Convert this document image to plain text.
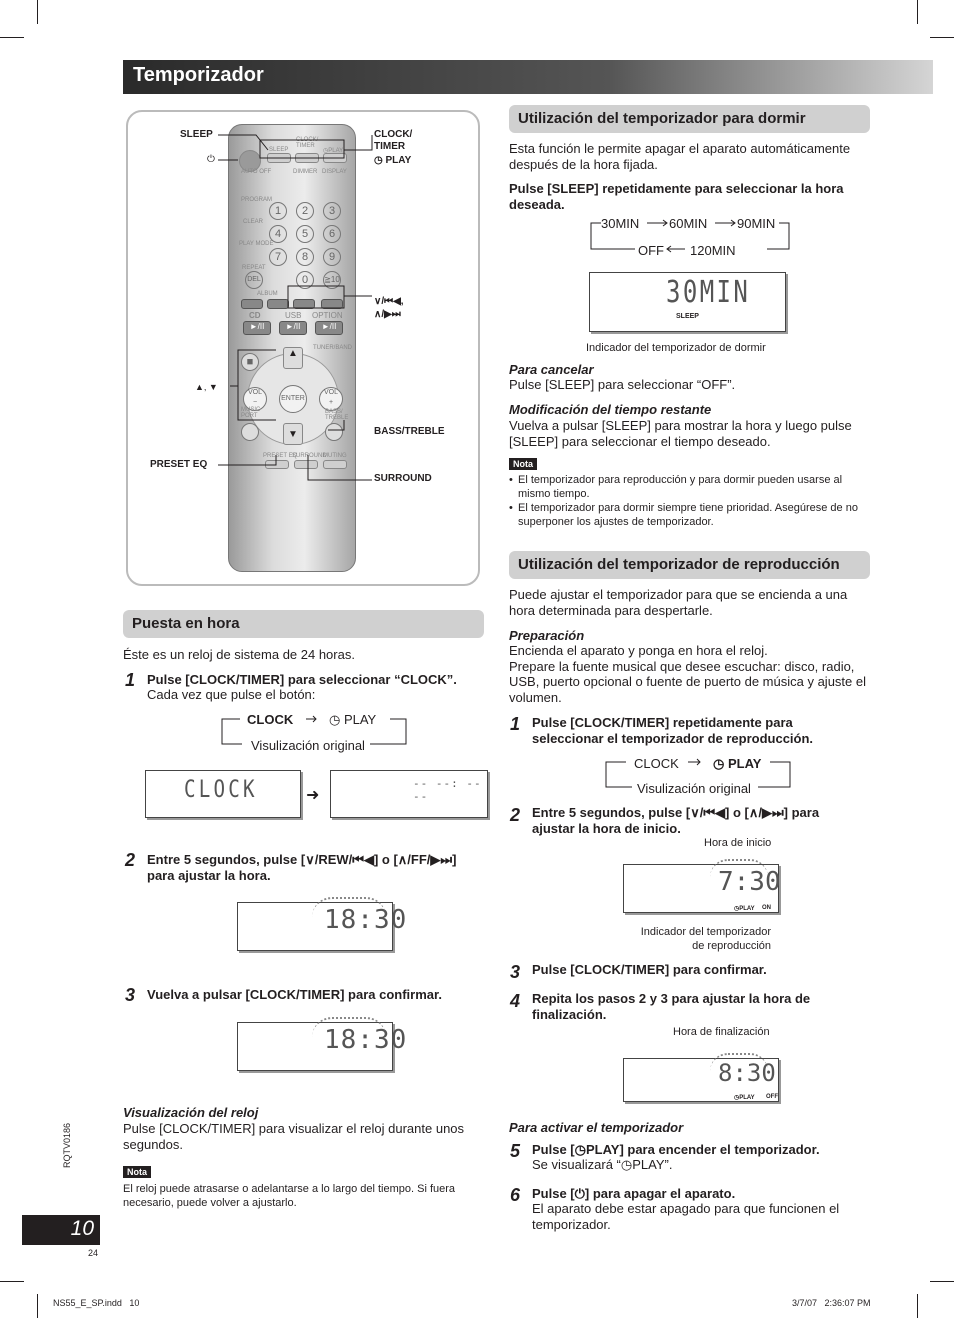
Temporizador
SLEEP
CLOCK/
TIMER
◷PLAY
AUTO OFF	DIMMER DISPLAY
PROGRAM
CLEAR
PLAY MODE
REPEAT
1	2	3
4	5	6
7	8	9
DEL	0	≧10
ALBUM
CD	USB OPTION
►/II	►/II	►/II
TUNER/BAND
■
▲
▼
ENTER
VOL
−
VOL
+
MUSIC
PORT
BASS/
TREBLE
PRESET EQ
SURROUND
MUTING
SLEEP
⏻
CLOCK/
TIMER
◷ PLAY
∨/⏮◀,
∧/▶⏭
▲, ▼
BASS/TREBLE
PRESET EQ
SURROUND
Puesta en hora
Éste es un reloj de sistema de 24 horas.
1 Pulse [CLOCK/TIMER] para seleccionar “CLOCK”.
Cada vez que pulse el botón:
CLOCK	◷ PLAY
Visulización original
CLOCK	➜
-- --: -- --
2 Entre 5 segundos, pulse [∨/REW/⏮◀] o [∧/FF/▶⏭] para ajustar la hora.
18:30
3 Vuelva a pulsar [CLOCK/TIMER] para confirmar.
18:30
Visualización del reloj
Pulse [CLOCK/TIMER] para visualizar el reloj durante unos segundos.
Nota
El reloj puede atrasarse o adelantarse a lo largo del tiempo. Si fuera necesario, puede volver a ajustarlo.
Utilización del temporizador para dormir
Esta función le permite apagar el aparato automáticamente después de la hora fijada.
Pulse [SLEEP] repetidamente para seleccionar la hora deseada.
30MIN 60MIN 90MIN
OFF 120MIN
30MIN
SLEEP
Indicador del temporizador de dormir
Para cancelar
Pulse [SLEEP] para seleccionar “OFF”.
Modificación del tiempo restante
Vuelva a pulsar [SLEEP] para mostrar la hora y luego pulse [SLEEP] para seleccionar el tiempo deseado.
Nota
• El temporizador para reproducción y para dormir pueden usarse al mismo tiempo.
• El temporizador para dormir siempre tiene prioridad. Asegúrese de no superponer los ajustes de temporizador.
Utilización del temporizador de reproducción
Puede ajustar el temporizador para que se encienda a una hora determinada para despertarle.
Preparación
Encienda el aparato y ponga en hora el reloj.
Prepare la fuente musical que desee escuchar: disco, radio, USB, puerto opcional o fuente de puerto de música y ajuste el volumen.
1 Pulse [CLOCK/TIMER] repetidamente para seleccionar el temporizador de reproducción.
CLOCK	◷ PLAY
Visulización original
2 Entre 5 segundos, pulse [∨/⏮◀] o [∧/▶⏭] para ajustar la hora de inicio.
Hora de inicio
7:30
◷PLAY ON
Indicador del temporizador
de reproducción
3 Pulse [CLOCK/TIMER] para confirmar.
4 Repita los pasos 2 y 3 para ajustar la hora de finalización.
Hora de finalización
8:30
◷PLAY OFF
Para activar el temporizador
5 Pulse [◷PLAY] para encender el temporizador.
Se visualizará “◷PLAY”.
6 Pulse [⏻] para apagar el aparato.
El aparato debe estar apagado para que funcionen el temporizador.
RQTV0186
10
24
NS55_E_SP.indd   10	3/7/07   2:36:07 PM
